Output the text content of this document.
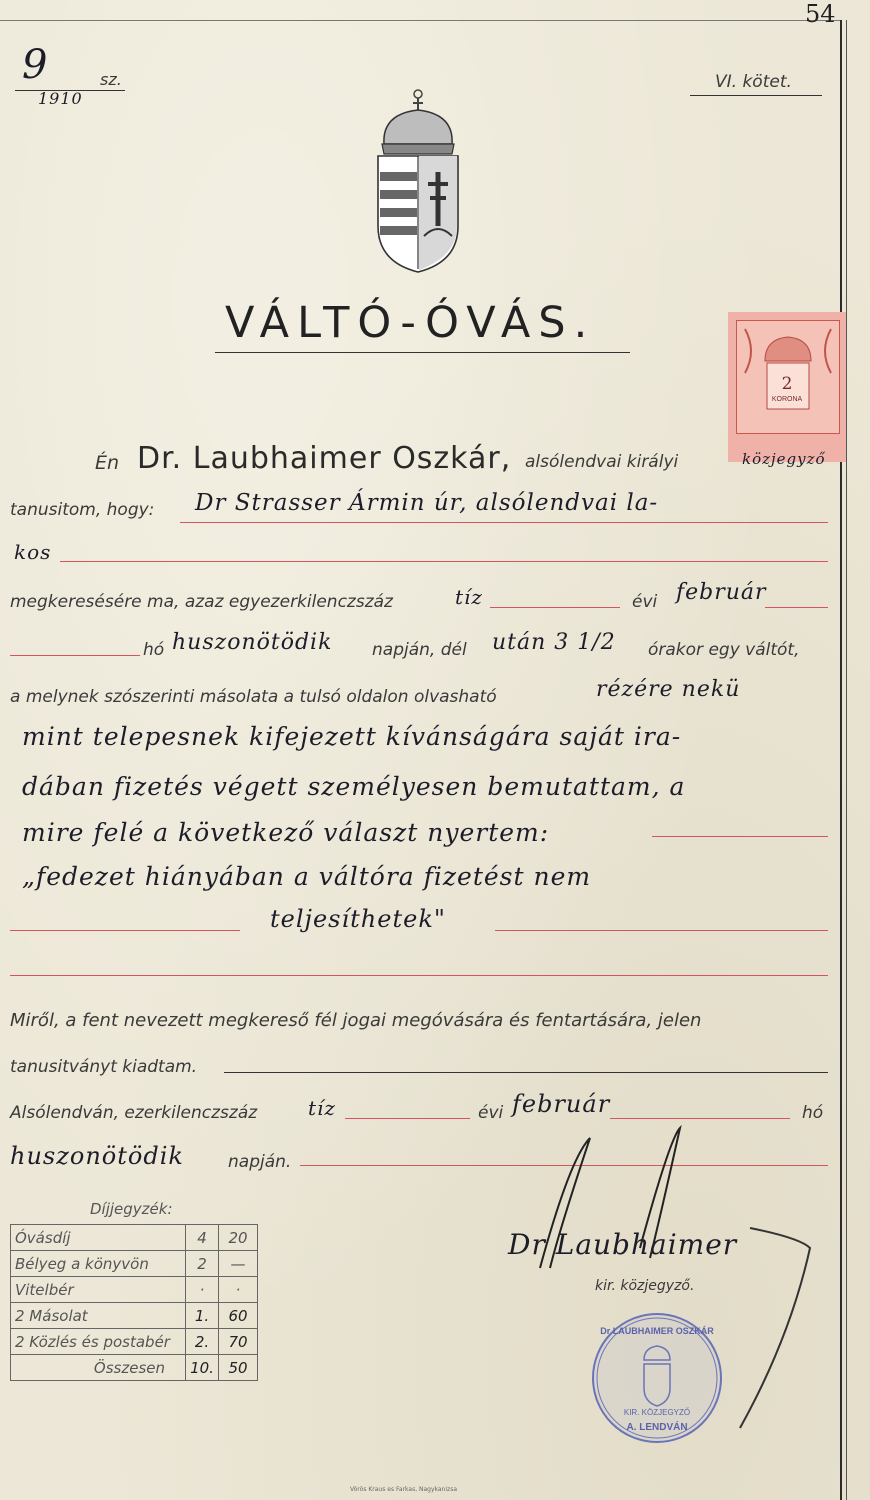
54
9	sz.
1910
VI. kötet.
VÁLTÓ-ÓVÁS.
2
KORONA
Én Dr. Laubhaimer Oszkár, alsólendvai királyi	közjegyző
tanusitom, hogy: Dr Strasser Ármin úr, alsólendvai la-
kos
megkeresésére ma, azaz egyezerkilenczszáz	tíz	évi február
hó huszonötödik napján, dél után 3 1/2 órakor egy váltót,
a melynek szószerinti másolata a tulsó oldalon olvasható	rézére nekü
mint telepesnek kifejezett kívánságára saját ira-
dában fizetés végett személyesen bemutattam, a
mire felé a következő választ nyertem:
„fedezet hiányában a váltóra fizetést nem
teljesíthetek"
Miről, a fent nevezett megkereső fél jogai megóvására és fentartására, jelen
tanusitványt kiadtam.
Alsólendván, ezerkilenczszáz	tíz	évi február	hó
huszonötödik	napján.
Díjjegyzék:
Óvásdíj	4	20
Bélyeg a könyvön	2	—
Vitelbér	·	·
2 Másolat	1.	60
2 Közlés és postabér	2.	70
Összesen	10.	50
Dr Laubhaimer
kir. közjegyző.
Dr LAUBHAIMER OSZKÁR
KIR. KÖZJEGYZŐ
A. LENDVÁN
Vörös Kraus es Farkas, Nagykanizsa
